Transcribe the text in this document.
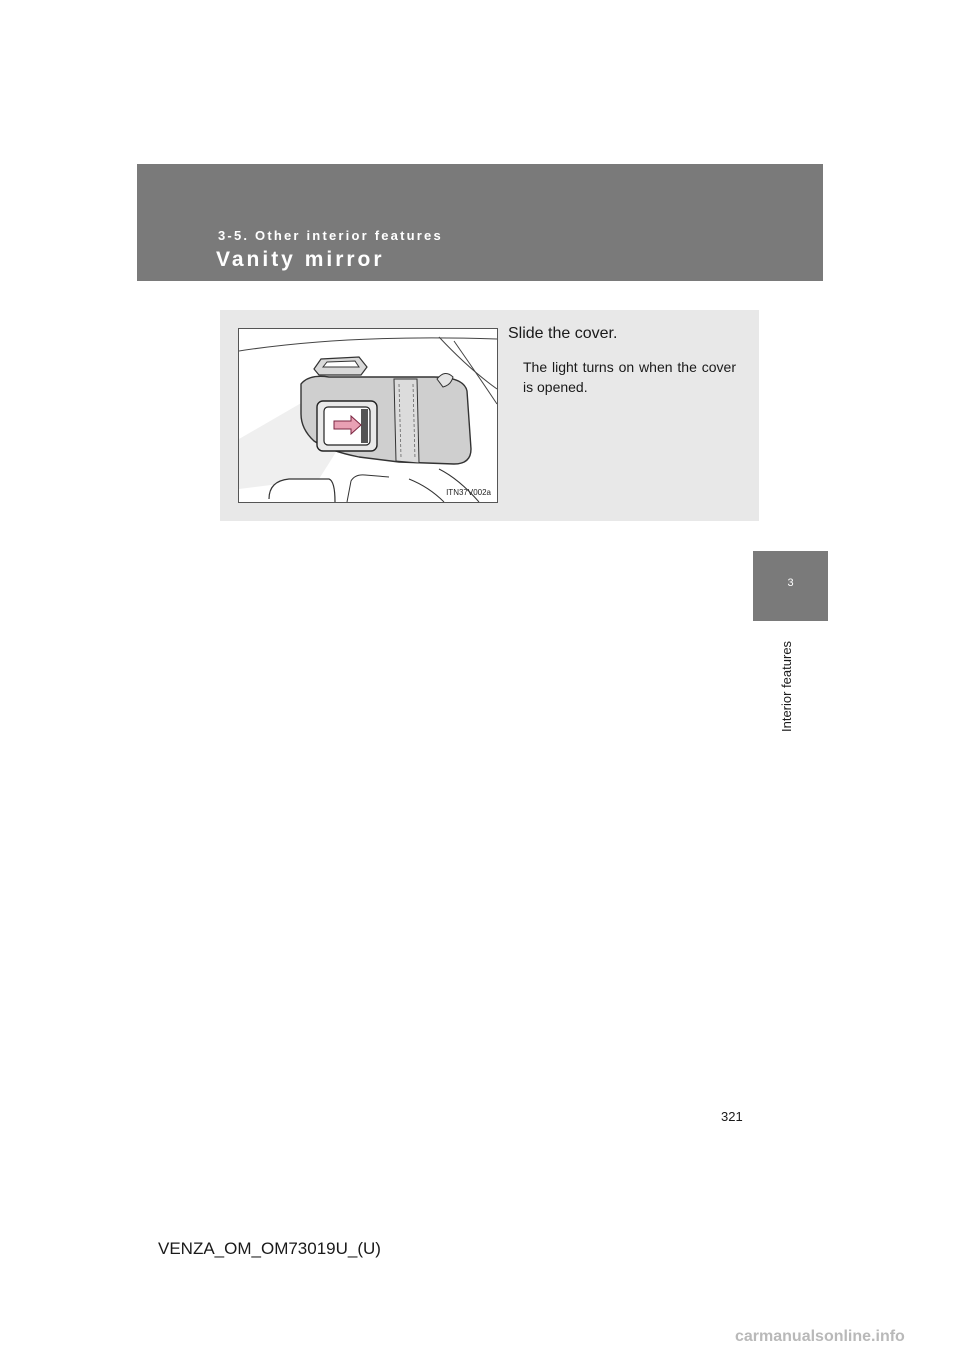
3-5. Other interior features
Vanity mirror
3
Interior features
ITN37V002a
Slide the cover.
The light turns on when the cover is opened.
321
VENZA_OM_OM73019U_(U)
carmanualsonline.info
